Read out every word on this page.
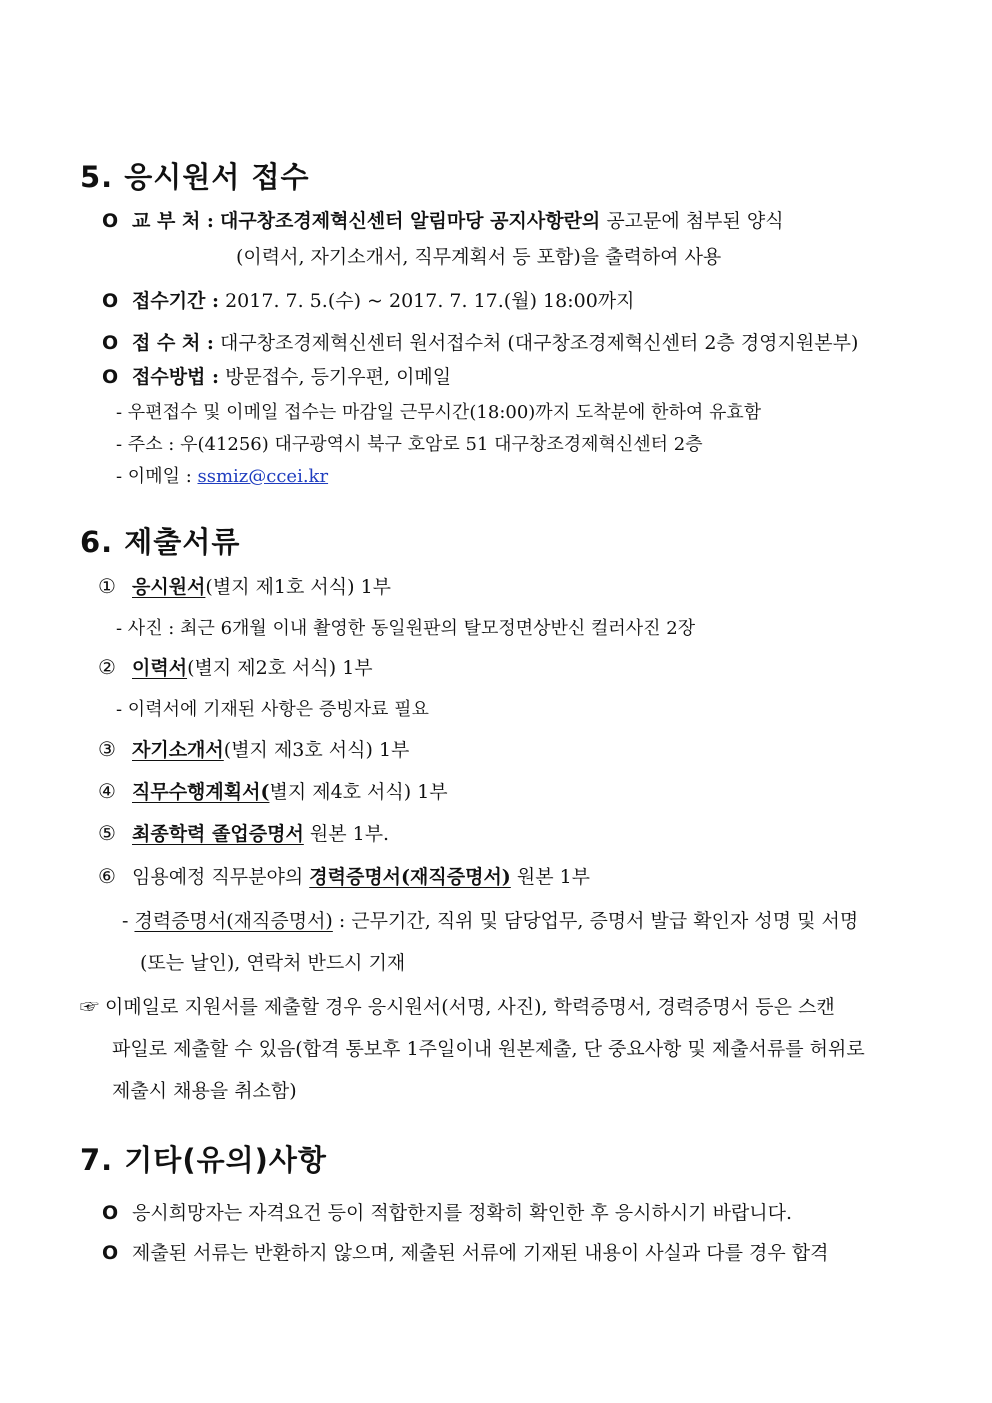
5. 응시원서 접수
O 교 부 처 : 대구창조경제혁신센터 알림마당 공지사항란의 공고문에 첨부된 양식
(이력서, 자기소개서, 직무계획서 등 포함)을 출력하여 사용
O 접수기간 : 2017. 7. 5.(수) ~ 2017. 7. 17.(월) 18:00까지
O 접 수 처 : 대구창조경제혁신센터 원서접수처 (대구창조경제혁신센터 2층 경영지원본부)
O 접수방법 : 방문접수, 등기우편, 이메일
- 우편접수 및 이메일 접수는 마감일 근무시간(18:00)까지 도착분에 한하여 유효함
- 주소 : 우(41256) 대구광역시 북구 호암로 51 대구창조경제혁신센터 2층
- 이메일 : ssmiz@ccei.kr
6. 제출서류
① 응시원서(별지 제1호 서식) 1부
- 사진 : 최근 6개월 이내 촬영한 동일원판의 탈모정면상반신 컬러사진 2장
② 이력서(별지 제2호 서식) 1부
- 이력서에 기재된 사항은 증빙자료 필요
③ 자기소개서(별지 제3호 서식) 1부
④ 직무수행계획서(별지 제4호 서식) 1부
⑤ 최종학력 졸업증명서 원본 1부.
⑥ 임용예정 직무분야의 경력증명서(재직증명서) 원본 1부
- 경력증명서(재직증명서) : 근무기간, 직위 및 담당업무, 증명서 발급 확인자 성명 및 서명
(또는 날인), 연락처 반드시 기재
☞ 이메일로 지원서를 제출할 경우 응시원서(서명, 사진), 학력증명서, 경력증명서 등은 스캔
파일로 제출할 수 있음(합격 통보후 1주일이내 원본제출, 단 중요사항 및 제출서류를 허위로
제출시 채용을 취소함)
7. 기타(유의)사항
O 응시희망자는 자격요건 등이 적합한지를 정확히 확인한 후 응시하시기 바랍니다.
O 제출된 서류는 반환하지 않으며, 제출된 서류에 기재된 내용이 사실과 다를 경우 합격
